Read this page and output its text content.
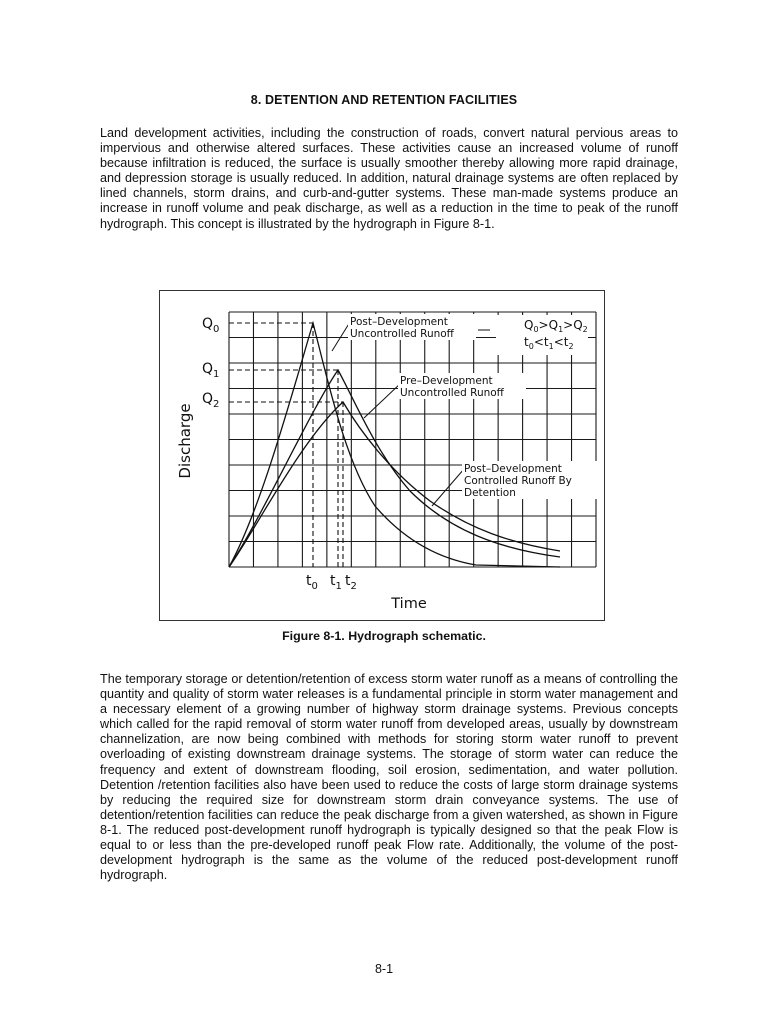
8. DETENTION AND RETENTION FACILITIES

Land development activities, including the construction of roads, convert natural pervious areas to impervious and otherwise altered surfaces. These activities cause an increased volume of runoff because infiltration is reduced, the surface is usually smoother thereby allowing more rapid drainage, and depression storage is usually reduced. In addition, natural drainage systems are often replaced by lined channels, storm drains, and curb-and-gutter systems. These man-made systems produce an increase in runoff volume and peak discharge, as well as a reduction in the time to peak of the runoff hydrograph. This concept is illustrated by the hydrograph in Figure 8-1.

$Q_0$
$Q_1$
$Q_2$
Discharge
$t_0$ $t_1$ $t_2$
Time
Post–Development
Uncontrolled Runoff
Pre–Development
Uncontrolled Runoff
Post–Development
Controlled Runoff By
Detention
$Q_0>Q_1>Q_2$
$t_0<t_1<t_2$
Figure 8-1. Hydrograph schematic.

The temporary storage or detention/retention of excess storm water runoff as a means of controlling the quantity and quality of storm water releases is a fundamental principle in storm water management and a necessary element of a growing number of highway storm drainage systems. Previous concepts which called for the rapid removal of storm water runoff from developed areas, usually by downstream channelization, are now being combined with methods for storing storm water runoff to prevent overloading of existing downstream drainage systems. The storage of storm water can reduce the frequency and extent of downstream flooding, soil erosion, sedimentation, and water pollution. Detention /retention facilities also have been used to reduce the costs of large storm drainage systems by reducing the required size for downstream storm drain conveyance systems. The use of detention/retention facilities can reduce the peak discharge from a given watershed, as shown in Figure 8-1. The reduced post-development runoff hydrograph is typically designed so that the peak Flow is equal to or less than the pre-developed runoff peak Flow rate. Additionally, the volume of the post-development hydrograph is the same as the volume of the reduced post-development runoff hydrograph.

8-1
